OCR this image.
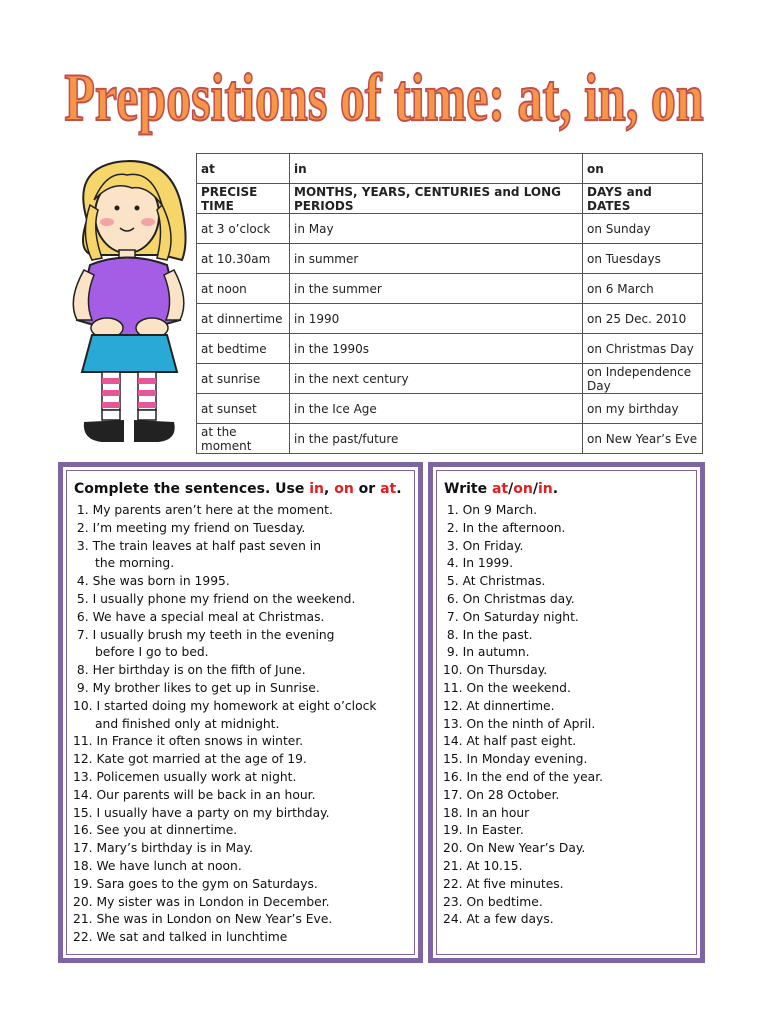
Prepositions of time: at, in, on
at	in	on
PRECISE TIME	MONTHS, YEARS, CENTURIES and LONG PERIODS	DAYS and DATES
at 3 o’clock	in May	on Sunday
at 10.30am	in summer	on Tuesdays
at noon	in the summer	on 6 March
at dinnertime	in 1990	on 25 Dec. 2010
at bedtime	in the 1990s	on Christmas Day
at sunrise	in the next century	on Independence Day
at sunset	in the Ice Age	on my birthday
at the moment	in the past/future	on New Year’s Eve
Complete the sentences. Use in, on or at.
1. My parents aren’t here at the moment.
2. I’m meeting my friend on Tuesday.
3. The train leaves at half past seven in
the morning.
4. She was born in 1995.
5. I usually phone my friend on the weekend.
6. We have a special meal at Christmas.
7. I usually brush my teeth in the evening
before I go to bed.
8. Her birthday is on the fifth of June.
9. My brother likes to get up in Sunrise.
10. I started doing my homework at eight o’clock
and finished only at midnight.
11. In France it often snows in winter.
12. Kate got married at the age of 19.
13. Policemen usually work at night.
14. Our parents will be back in an hour.
15. I usually have a party on my birthday.
16. See you at dinnertime.
17. Mary’s birthday is in May.
18. We have lunch at noon.
19. Sara goes to the gym on Saturdays.
20. My sister was in London in December.
21. She was in London on New Year’s Eve.
22. We sat and talked in lunchtime
Write at/on/in.
1. On 9 March.
2. In the afternoon.
3. On Friday.
4. In 1999.
5. At Christmas.
6. On Christmas day.
7. On Saturday night.
8. In the past.
9. In autumn.
10. On Thursday.
11. On the weekend.
12. At dinnertime.
13. On the ninth of April.
14. At half past eight.
15. In Monday evening.
16. In the end of the year.
17. On 28 October.
18. In an hour
19. In Easter.
20. On New Year’s Day.
21. At 10.15.
22. At five minutes.
23. On bedtime.
24. At a few days.
